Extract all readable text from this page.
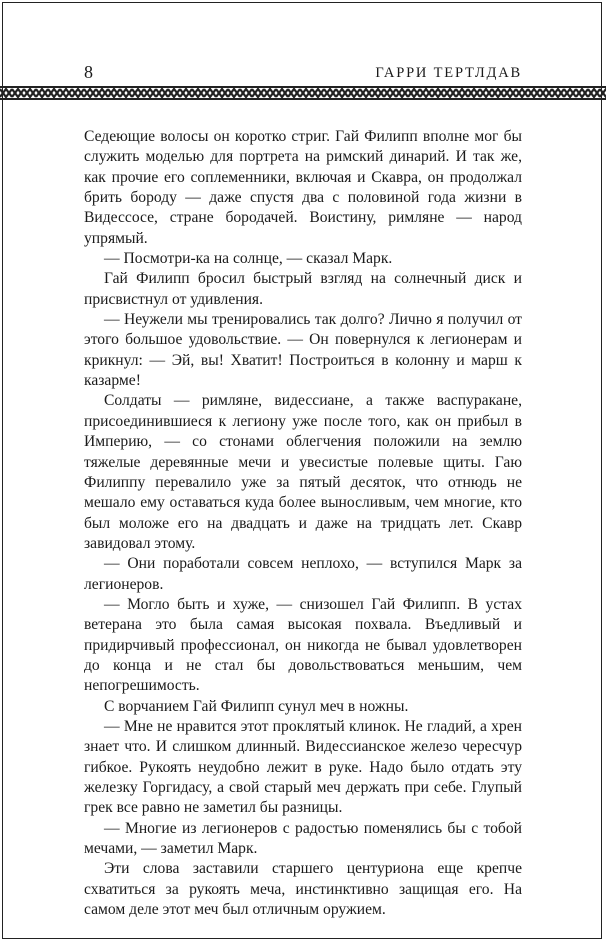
8	ГАРРИ ТЕРТЛДАВ

Седеющие волосы он коротко стриг. Гай Филипп вполне мог бы служить моделью для портрета на римский динарий. И так же, как прочие его соплеменники, включая и Скавра, он продолжал брить бороду — даже спустя два с половиной года жизни в Видессосе, стране бородачей. Воистину, римляне — народ упрямый.

— Посмотри-ка на солнце, — сказал Марк.

Гай Филипп бросил быстрый взгляд на солнечный диск и присвистнул от удивления.

— Неужели мы тренировались так долго? Лично я получил от этого большое удовольствие. — Он повернулся к легионерам и крикнул: — Эй, вы! Хватит! Построиться в колонну и марш к казарме!

Солдаты — римляне, видессиане, а также васпуракане, присоединившиеся к легиону уже после того, как он прибыл в Империю, — со стонами облегчения положили на землю тяжелые деревянные мечи и увесистые полевые щиты. Гаю Филиппу перевалило уже за пятый десяток, что отнюдь не мешало ему оставаться куда более выносливым, чем многие, кто был моложе его на двадцать и даже на тридцать лет. Скавр завидовал этому.

— Они поработали совсем неплохо, — вступился Марк за легионеров.

— Могло быть и хуже, — снизошел Гай Филипп. В устах ветерана это была самая высокая похвала. Въедливый и придирчивый профессионал, он никогда не бывал удовлетворен до конца и не стал бы довольствоваться меньшим, чем непогрешимость.

С ворчанием Гай Филипп сунул меч в ножны.

— Мне не нравится этот проклятый клинок. Не гладий, а хрен знает что. И слишком длинный. Видессианское железо чересчур гибкое. Рукоять неудобно лежит в руке. Надо было отдать эту железку Горгидасу, а свой старый меч держать при себе. Глупый грек все равно не заметил бы разницы.

— Многие из легионеров с радостью поменялись бы с тобой мечами, — заметил Марк.

Эти слова заставили старшего центуриона еще крепче схватиться за рукоять меча, инстинктивно защищая его. На самом деле этот меч был отличным оружием.
